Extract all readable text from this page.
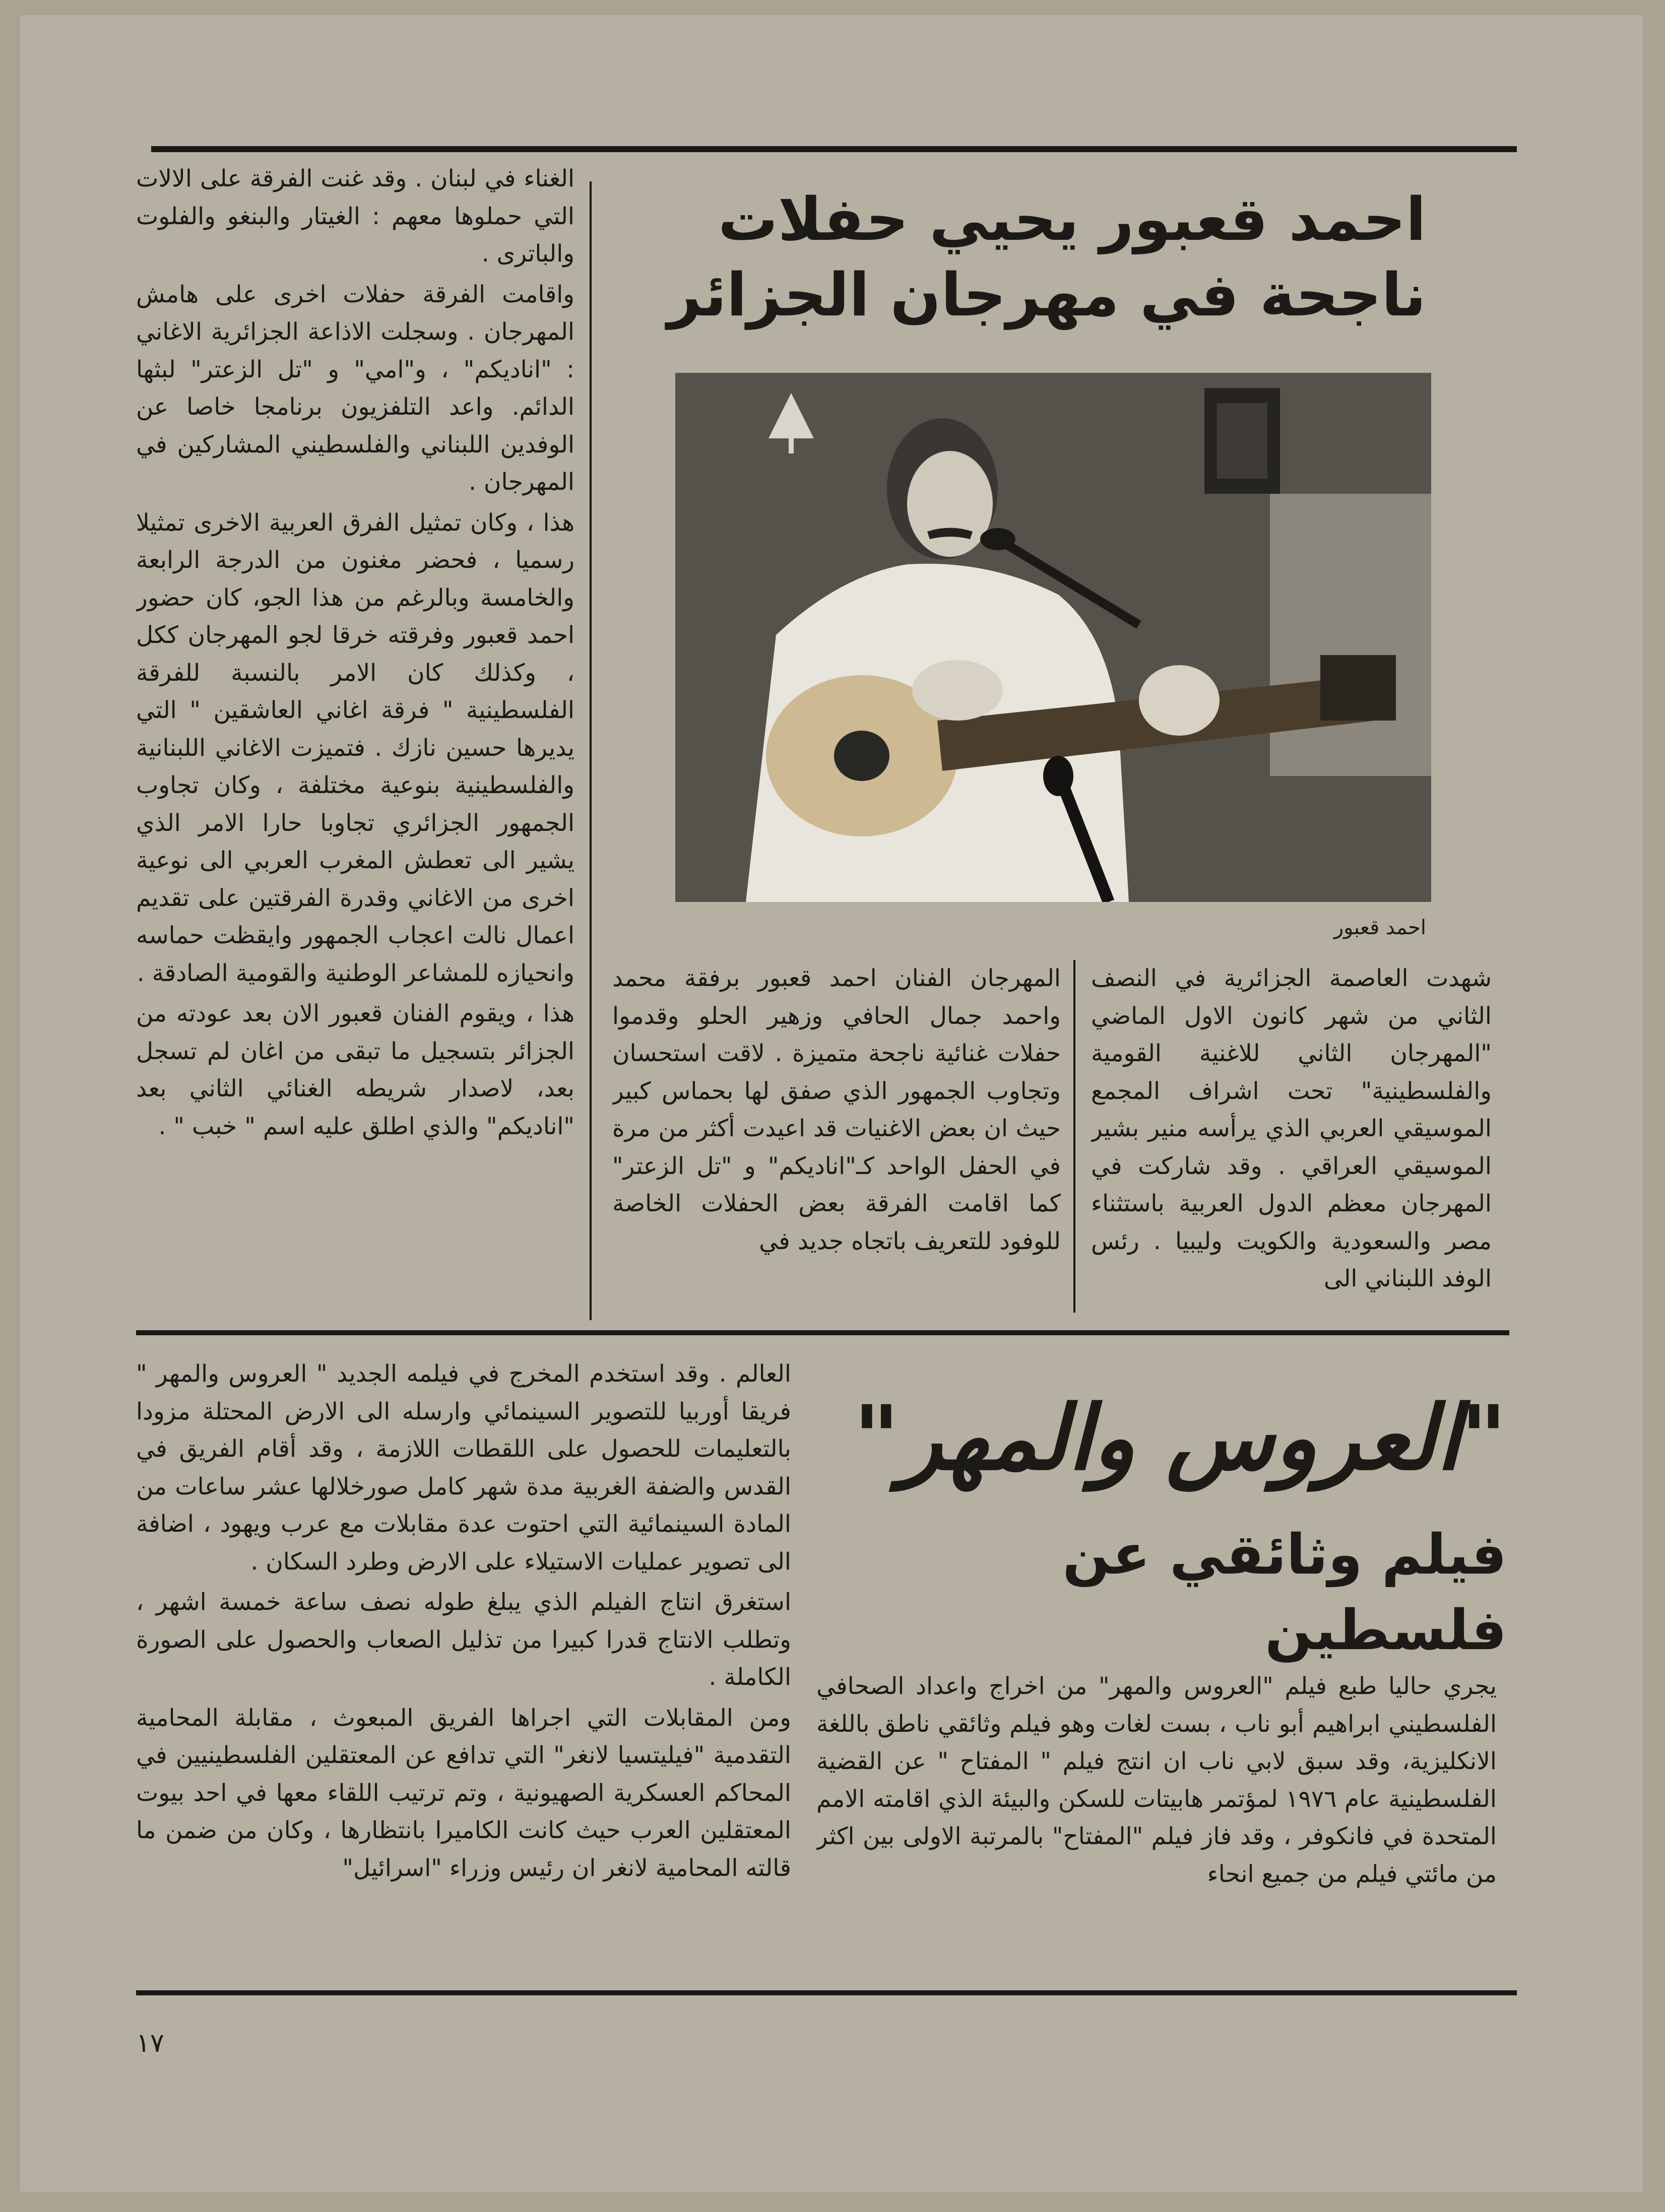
احمد قعبور يحيي حفلات
ناجحة في مهرجان الجزائر
احمد قعبور

شهدت العاصمة الجزائرية في النصف الثاني من شهر كانون الاول الماضي "المهرجان الثاني للاغنية القومية والفلسطينية" تحت اشراف المجمع الموسيقي العربي الذي يرأسه منير بشير الموسيقي العراقي . وقد شاركت في المهرجان معظم الدول العربية باستثناء مصر والسعودية والكويت وليبيا . رئس الوفد اللبناني الى

المهرجان الفنان احمد قعبور برفقة محمد واحمد جمال الحافي وزهير الحلو وقدموا حفلات غنائية ناجحة متميزة . لاقت استحسان وتجاوب الجمهور الذي صفق لها بحماس كبير حيث ان بعض الاغنيات قد اعيدت أكثر من مرة في الحفل الواحد كـ"اناديكم" و "تل الزعتر" كما اقامت الفرقة بعض الحفلات الخاصة للوفود للتعريف باتجاه جديد في

الغناء في لبنان . وقد غنت الفرقة على الالات التي حملوها معهم : الغيتار والبنغو والفلوت والباترى .

واقامت الفرقة حفلات اخرى على هامش المهرجان . وسجلت الاذاعة الجزائرية الاغاني : "اناديكم" ، و"امي" و "تل الزعتر" لبثها الدائم. واعد التلفزيون برنامجا خاصا عن الوفدين اللبناني والفلسطيني المشاركين في المهرجان .

هذا ، وكان تمثيل الفرق العربية الاخرى تمثيلا رسميا ، فحضر مغنون من الدرجة الرابعة والخامسة وبالرغم من هذا الجو، كان حضور احمد قعبور وفرقته خرقا لجو المهرجان ككل ، وكذلك كان الامر بالنسبة للفرقة الفلسطينية " فرقة اغاني العاشقين " التي يديرها حسين نازك . فتميزت الاغاني اللبنانية والفلسطينية بنوعية مختلفة ، وكان تجاوب الجمهور الجزائري تجاوبا حارا الامر الذي يشير الى تعطش المغرب العربي الى نوعية اخرى من الاغاني وقدرة الفرقتين على تقديم اعمال نالت اعجاب الجمهور وايقظت حماسه وانحيازه للمشاعر الوطنية والقومية الصادقة .

هذا ، ويقوم الفنان قعبور الان بعد عودته من الجزائر بتسجيل ما تبقى من اغان لم تسجل بعد، لاصدار شريطه الغنائي الثاني بعد "اناديكم" والذي اطلق عليه اسم " خبب " .

"العروس والمهر"
فيلم وثائقي عن فلسطين

يجري حاليا طبع فيلم "العروس والمهر" من اخراج واعداد الصحافي الفلسطيني ابراهيم أبو ناب ، بست لغات وهو فيلم وثائقي ناطق باللغة الانكليزية، وقد سبق لابي ناب ان انتج فيلم " المفتاح " عن القضية الفلسطينية عام ١٩٧٦ لمؤتمر هابيتات للسكن والبيئة الذي اقامته الامم المتحدة في فانكوفر ، وقد فاز فيلم "المفتاح" بالمرتبة الاولى بين اكثر من مائتي فيلم من جميع انحاء

العالم . وقد استخدم المخرج في فيلمه الجديد " العروس والمهر " فريقا أوربيا للتصوير السينمائي وارسله الى الارض المحتلة مزودا بالتعليمات للحصول على اللقطات اللازمة ، وقد أقام الفريق في القدس والضفة الغربية مدة شهر كامل صورخلالها عشر ساعات من المادة السينمائية التي احتوت عدة مقابلات مع عرب ويهود ، اضافة الى تصوير عمليات الاستيلاء على الارض وطرد السكان .

استغرق انتاج الفيلم الذي يبلغ طوله نصف ساعة خمسة اشهر ، وتطلب الانتاج قدرا كبيرا من تذليل الصعاب والحصول على الصورة الكاملة .

ومن المقابلات التي اجراها الفريق المبعوث ، مقابلة المحامية التقدمية "فيليتسيا لانغر" التي تدافع عن المعتقلين الفلسطينيين في المحاكم العسكرية الصهيونية ، وتم ترتيب اللقاء معها في احد بيوت المعتقلين العرب حيث كانت الكاميرا بانتظارها ، وكان من ضمن ما قالته المحامية لانغر ان رئيس وزراء "اسرائيل"

١٧
